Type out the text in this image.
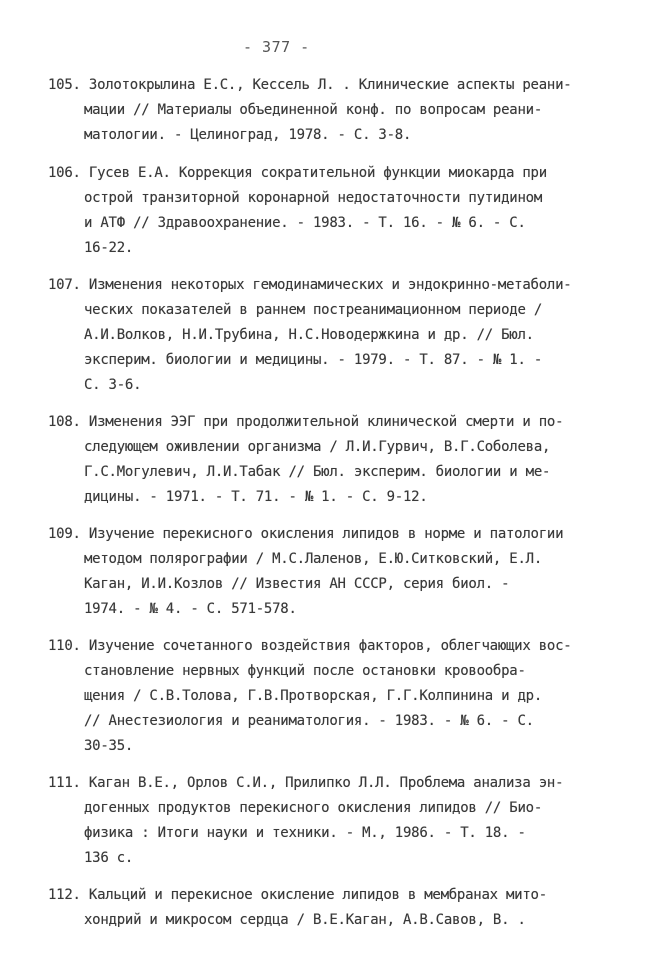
- 377 -
105. Золотокрылина Е.С., Кессель Л. . Клинические аспекты реани-
мации // Материалы объединенной конф. по вопросам реани-
матологии. - Целиноград, 1978. - С. 3-8.
106. Гусев Е.А. Коррекция сократительной функции миокарда при
острой транзиторной коронарной недостаточности путидином
и АТФ // Здравоохранение. - 1983. - Т. 16. - № 6. - С.
16-22.
107. Изменения некоторых гемодинамических и эндокринно-метаболи-
ческих показателей в раннем постреанимационном периоде /
А.И.Волков, Н.И.Трубина, Н.С.Новодержкина и др. // Бюл.
эксперим. биологии и медицины. - 1979. - Т. 87. - № 1. -
С. 3-6.
108. Изменения ЭЭГ при продолжительной клинической смерти и по-
следующем оживлении организма / Л.И.Гурвич, В.Г.Соболева,
Г.С.Могулевич, Л.И.Табак // Бюл. эксперим. биологии и ме-
дицины. - 1971. - Т. 71. - № 1. - С. 9-12.
109. Изучение перекисного окисления липидов в норме и патологии
методом полярографии / М.С.Лаленов, Е.Ю.Ситковский, Е.Л.
Каган, И.И.Козлов // Известия АН СССР, серия биол. -
1974. - № 4. - С. 571-578.
110. Изучение сочетанного воздействия факторов, облегчающих вос-
становление нервных функций после остановки кровообра-
щения / С.В.Толова, Г.В.Протворская, Г.Г.Колпинина и др.
// Анестезиология и реаниматология. - 1983. - № 6. - С.
30-35.
111. Каган В.Е., Орлов С.И., Прилипко Л.Л. Проблема анализа эн-
догенных продуктов перекисного окисления липидов // Био-
физика : Итоги науки и техники. - М., 1986. - Т. 18. -
136 с.
112. Кальций и перекисное окисление липидов в мембранах мито-
хондрий и микросом сердца / В.Е.Каган, А.В.Савов, В. .
